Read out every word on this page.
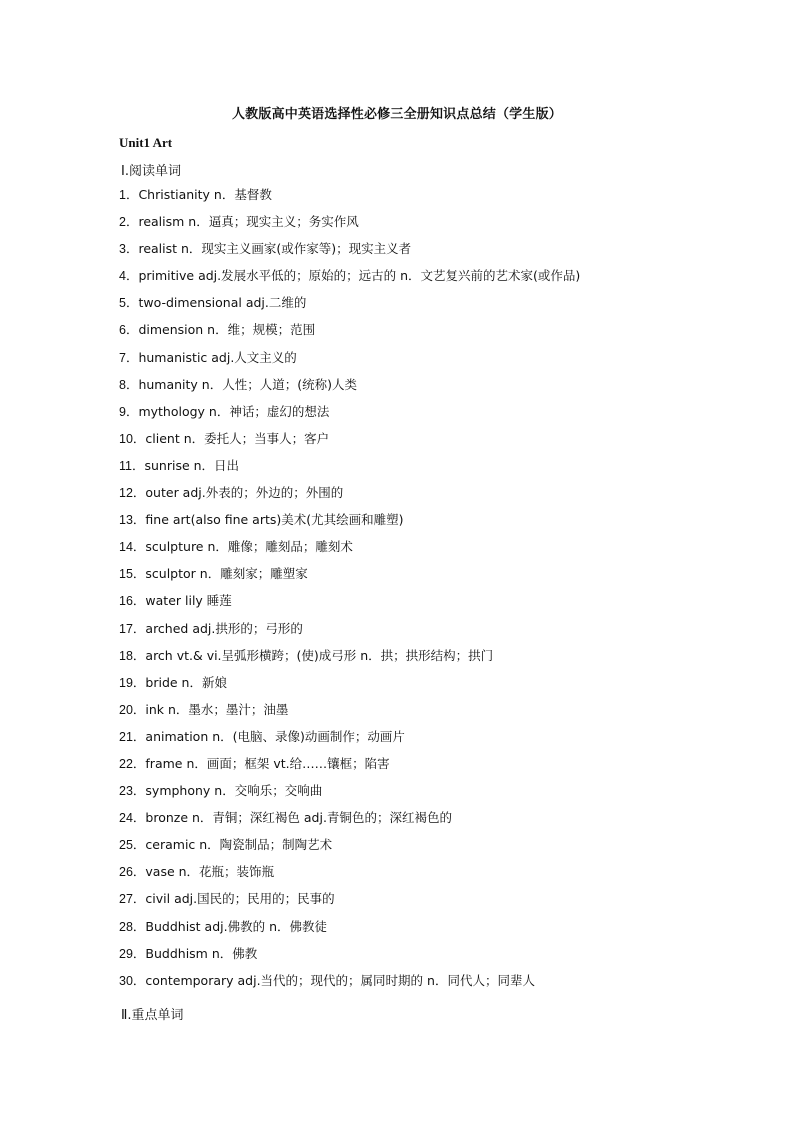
人教版高中英语选择性必修三全册知识点总结（学生版）
Unit1 Art
Ⅰ.阅读单词
1．Christianity n．基督教
2．realism n．逼真；现实主义；务实作风
3．realist n．现实主义画家(或作家等)；现实主义者
4．primitive adj.发展水平低的；原始的；远古的 n．文艺复兴前的艺术家(或作品)
5．two-dimensional adj.二维的
6．dimension n．维；规模；范围
7．humanistic adj.人文主义的
8．humanity n．人性；人道；(统称)人类
9．mythology n．神话；虚幻的想法
10．client n．委托人；当事人；客户
11．sunrise n．日出
12．outer adj.外表的；外边的；外围的
13．fine art(also fine arts)美术(尤其绘画和雕塑)
14．sculpture n．雕像；雕刻品；雕刻术
15．sculptor n．雕刻家；雕塑家
16．water lily 睡莲
17．arched adj.拱形的；弓形的
18．arch vt.& vi.呈弧形横跨；(使)成弓形 n．拱；拱形结构；拱门
19．bride n．新娘
20．ink n．墨水；墨汁；油墨
21．animation n．(电脑、录像)动画制作；动画片
22．frame n．画面；框架 vt.给……镶框；陷害
23．symphony n．交响乐；交响曲
24．bronze n．青铜；深红褐色 adj.青铜色的；深红褐色的
25．ceramic n．陶瓷制品；制陶艺术
26．vase n．花瓶；装饰瓶
27．civil adj.国民的；民用的；民事的
28．Buddhist adj.佛教的 n．佛教徒
29．Buddhism n．佛教
30．contemporary adj.当代的；现代的；属同时期的 n．同代人；同辈人
Ⅱ.重点单词
